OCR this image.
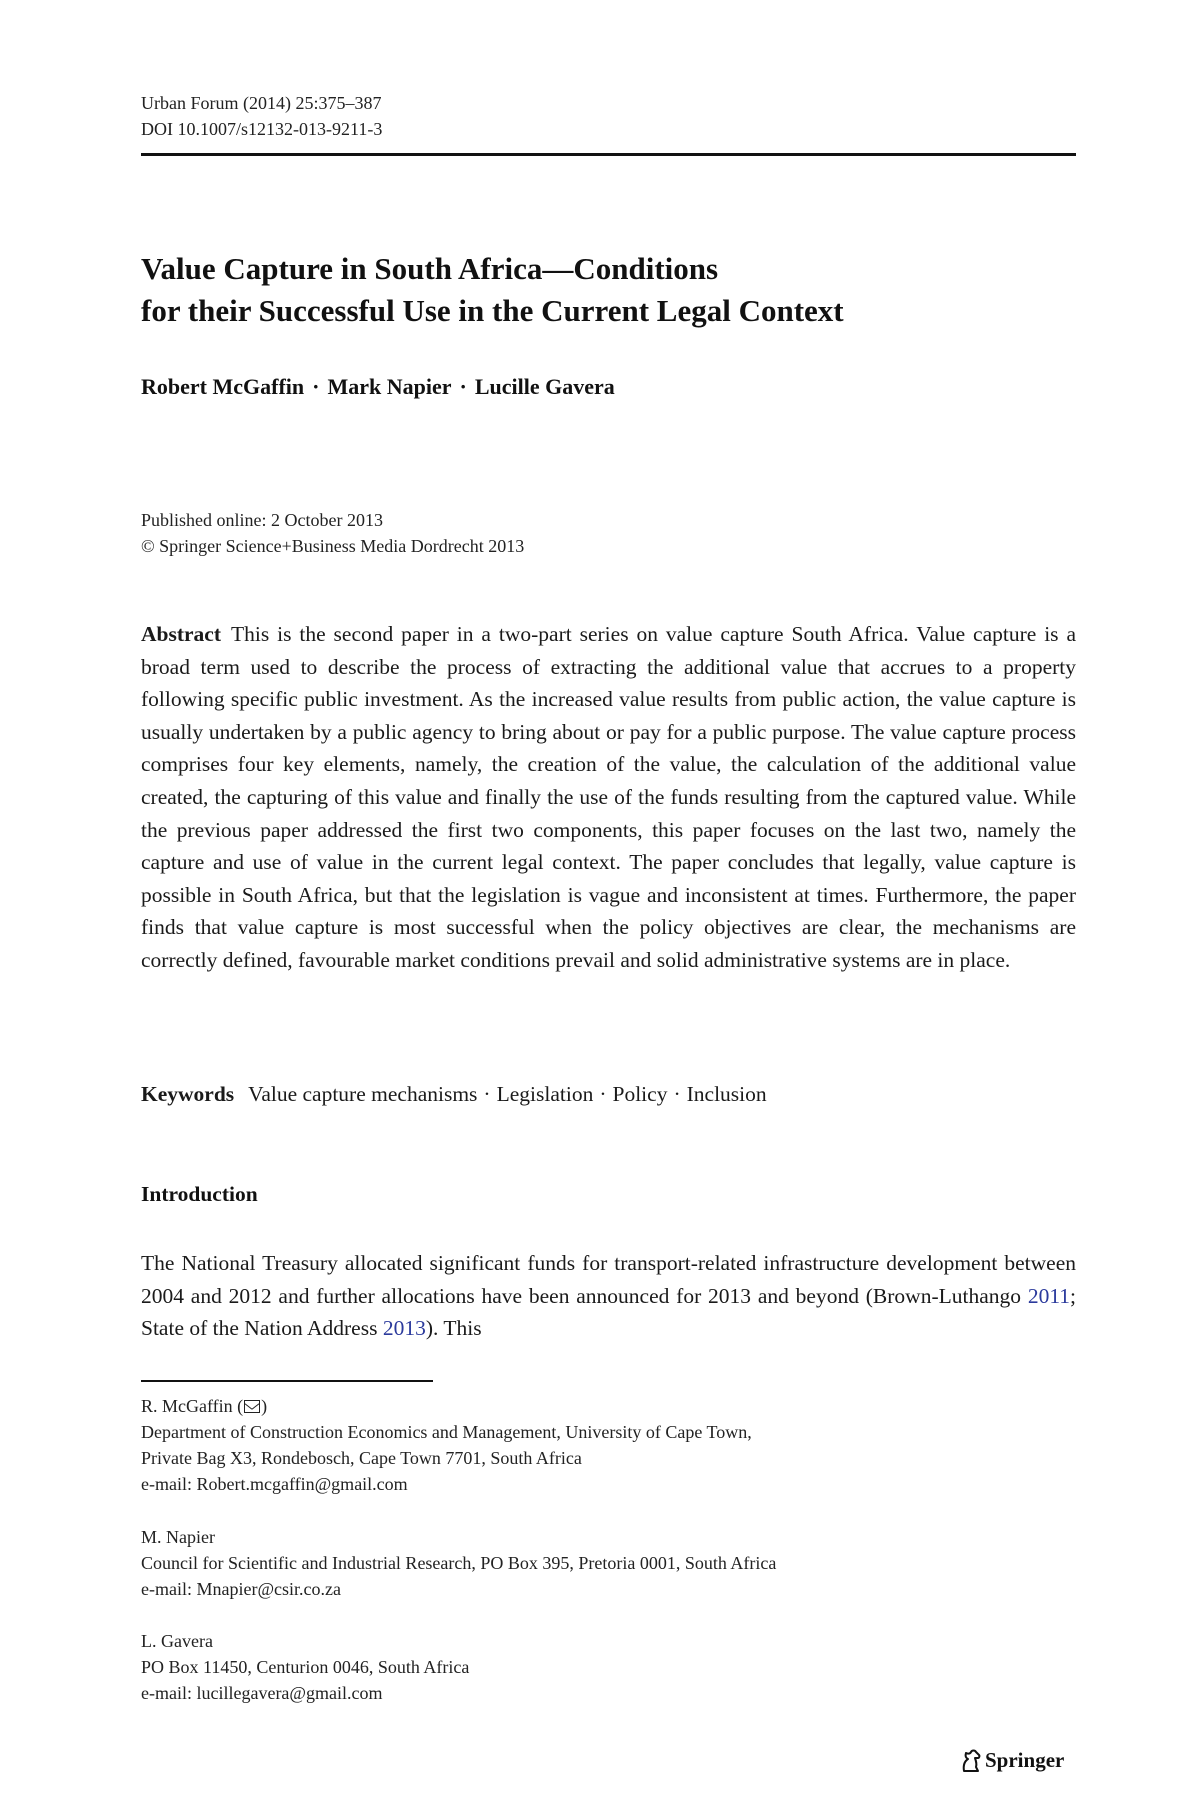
Urban Forum (2014) 25:375–387
DOI 10.1007/s12132-013-9211-3
Value Capture in South Africa—Conditions
for their Successful Use in the Current Legal Context
Robert McGaffin · Mark Napier · Lucille Gavera
Published online: 2 October 2013
© Springer Science+Business Media Dordrecht 2013

Abstract This is the second paper in a two-part series on value capture South Africa. Value capture is a broad term used to describe the process of extracting the additional value that accrues to a property following specific public investment. As the increased value results from public action, the value capture is usually undertaken by a public agency to bring about or pay for a public purpose. The value capture process comprises four key elements, namely, the creation of the value, the calculation of the additional value created, the capturing of this value and finally the use of the funds resulting from the captured value. While the previous paper addressed the first two components, this paper focuses on the last two, namely the capture and use of value in the current legal context. The paper concludes that legally, value capture is possible in South Africa, but that the legislation is vague and inconsistent at times. Furthermore, the paper finds that value capture is most successful when the policy objectives are clear, the mechanisms are correctly defined, favourable market conditions prevail and solid administrative systems are in place.

Keywords Value capture mechanisms · Legislation · Policy · Inclusion
Introduction

The National Treasury allocated significant funds for transport-related infrastructure development between 2004 and 2012 and further allocations have been announced for 2013 and beyond (Brown-Luthango 2011; State of the Nation Address 2013). This

R. McGaffin ( )

Department of Construction Economics and Management, University of Cape Town,

Private Bag X3, Rondebosch, Cape Town 7701, South Africa

e-mail: Robert.mcgaffin@gmail.com

M. Napier

Council for Scientific and Industrial Research, PO Box 395, Pretoria 0001, South Africa

e-mail: Mnapier@csir.co.za

L. Gavera

PO Box 11450, Centurion 0046, South Africa

e-mail: lucillegavera@gmail.com

Springer
